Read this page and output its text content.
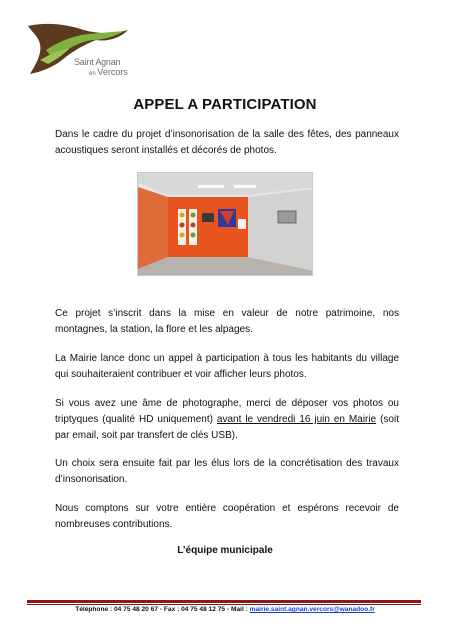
Saint Agnan
en Vercors
APPEL A PARTICIPATION
Dans le cadre du projet d’insonorisation de la salle des fêtes, des panneaux acoustiques seront installés et décorés de photos.
Ce projet s’inscrit dans la mise en valeur de notre patrimoine, nos montagnes, la station, la flore et les alpages.
La Mairie lance donc un appel à participation à tous les habitants du village qui souhaiteraient contribuer et voir afficher leurs photos.
Si vous avez une âme de photographe, merci de déposer vos photos ou triptyques (qualité HD uniquement) avant le vendredi 16 juin en Mairie (soit par email, soit par transfert de clés USB).
Un choix sera ensuite fait par les élus lors de la concrétisation des travaux d’insonorisation.
Nous comptons sur votre entière coopération et espérons recevoir de nombreuses contributions.
L’équipe municipale
Téléphone : 04 75 48 20 67 - Fax : 04 75 48 12 75 - Mail : mairie.saint.agnan.vercors@wanadoo.fr
